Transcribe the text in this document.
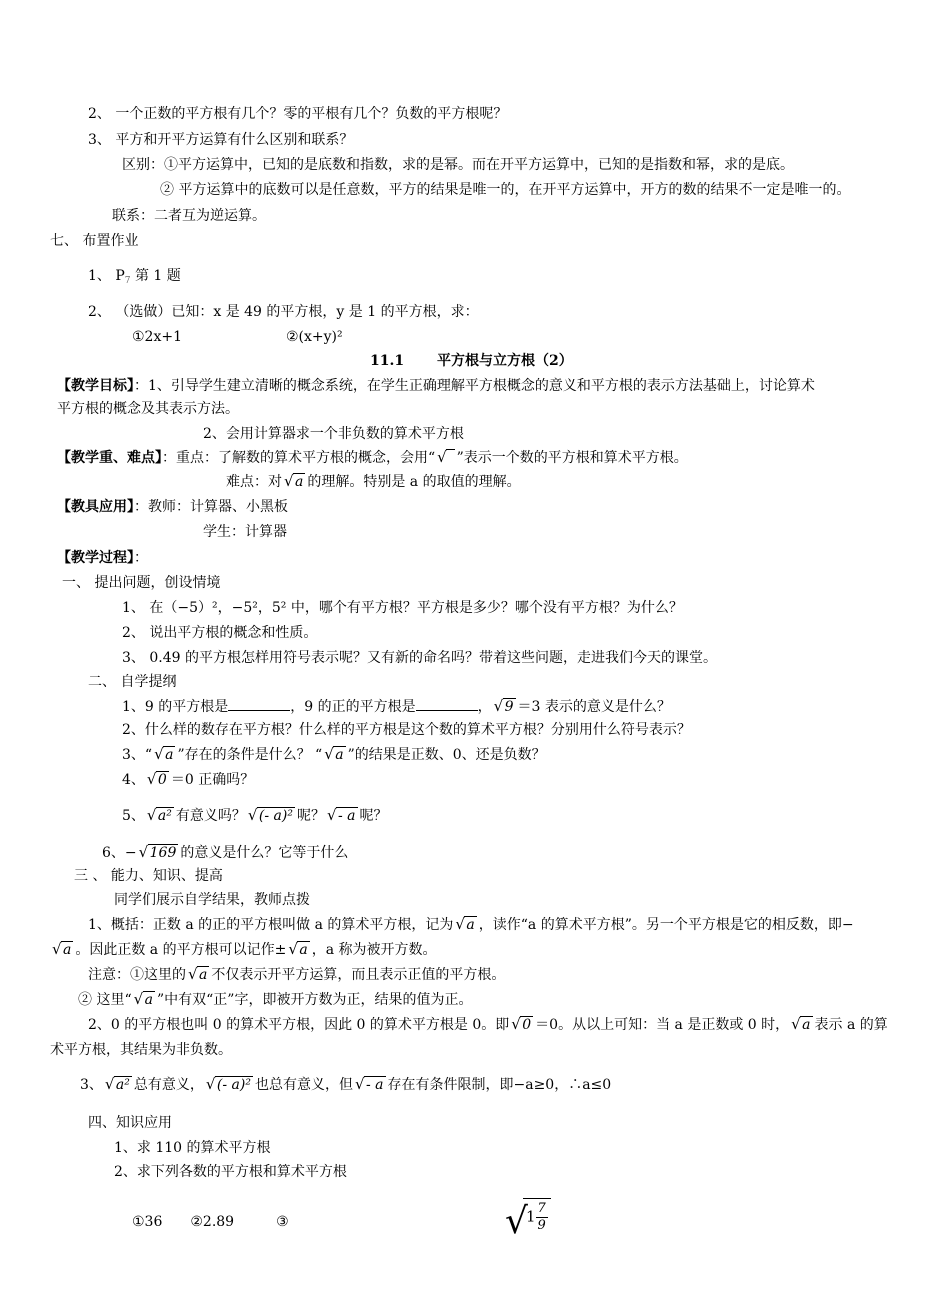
2、 一个正数的平方根有几个？零的平根有几个？负数的平方根呢？
3、 平方和开平方运算有什么区别和联系？
区别：①平方运算中，已知的是底数和指数，求的是幂。而在开平方运算中，已知的是指数和幂，求的是底。
② 平方运算中的底数可以是任意数，平方的结果是唯一的，在开平方运算中，开方的数的结果不一定是唯一的。
联系：二者互为逆运算。
七、 布置作业
1、 $P_7$ 第 1 题
2、 （选做）已知：x 是 49 的平方根，y 是 1 的平方根，求：
①2x+1	②(x+y)²
11.1 平方根与立方根（2）
【教学目标】：1、引导学生建立清晰的概念系统，在学生正确理解平方根概念的意义和平方根的表示方法基础上，讨论算术
平方根的概念及其表示方法。
2、会用计算器求一个非负数的算术平方根
【教学重、难点】：重点：了解数的算术平方根的概念，会用“ √ ”表示一个数的平方根和算术平方根。
难点：对 √ a 的理解。特别是 a 的取值的理解。
【教具应用】：教师：计算器、小黑板
学生：计算器
【教学过程】：
一、 提出问题，创设情境
1、 在（−5）²，−5²，5² 中，哪个有平方根？平方根是多少？哪个没有平方根？为什么？
2、 说出平方根的概念和性质。
3、 0.49 的平方根怎样用符号表示呢？又有新的命名吗？带着这些问题，走进我们今天的课堂。
二、 自学提纲
1、9 的平方根是	，9 的正的平方根是	， √ 9 ＝3 表示的意义是什么？
2、什么样的数存在平方根？什么样的平方根是这个数的算术平方根？分别用什么符号表示？
3、“ √ a ”存在的条件是什么？ “ √ a ”的结果是正数、0、还是负数？
4、 √ 0 ＝0 正确吗？
5、 √ a² 有意义吗？ √ (- a)² 呢？ √ - a 呢？
6、− √ 169 的意义是什么？它等于什么
三 、 能力、知识、提高
同学们展示自学结果，教师点拨
1、概括：正数 a 的正的平方根叫做 a 的算术平方根，记为 √ a ，读作“a 的算术平方根”。另一个平方根是它的相反数，即−
√ a 。因此正数 a 的平方根可以记作± √ a ，a 称为被开方数。
注意：①这里的 √ a 不仅表示开平方运算，而且表示正值的平方根。
② 这里“ √ a ”中有双“正”字，即被开方数为正，结果的值为正。
2、0 的平方根也叫 0 的算术平方根，因此 0 的算术平方根是 0。即 √ 0 ＝0。从以上可知：当 a 是正数或 0 时， √ a 表示 a 的算
术平方根，其结果为非负数。
3、 √ a² 总有意义， √ (- a)² 也总有意义，但 √ - a 存在有条件限制，即−a≥0，∴a≤0
四、知识应用
1、求 110 的算术平方根
2、求下列各数的平方根和算术平方根
①36　　②2.89　　　③	√
$1 \frac{7}{9}$
